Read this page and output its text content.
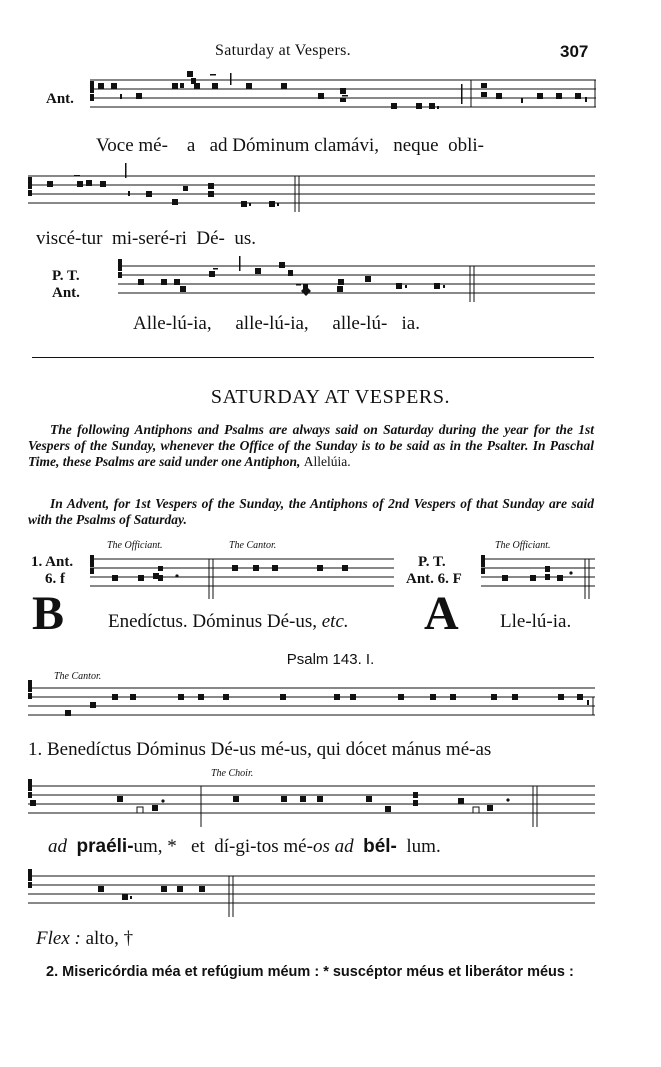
Saturday at Vespers.	307
Ant.
Voce mé-    a   ad Dóminum clamávi,   neque  obli-
viscé-tur  mi-seré-ri  Dé-  us.
P. T.
Ant.
Alle-lú-ia,     alle-lú-ia,     alle-lú-   ia.
SATURDAY AT VESPERS.
The following Antiphons and Psalms are always said on Saturday during the year for the 1st Vespers of the Sunday, whenever the Office of the Sunday is to be said as in the Psalter. In Paschal Time, these Psalms are said under one Antiphon, Allelúia.
In Advent, for 1st Vespers of the Sunday, the Antiphons of 2nd Vespers of that Sunday are said with the Psalms of Saturday.
The Officiant.	The Cantor.	The Officiant.
1. Ant.
6. f
P. T.
Ant. 6. F
B Enedíctus. Dóminus Dé-us, etc. A Lle-lú-ia.
Psalm 143. I.
The Cantor.
1. Benedíctus Dóminus Dé-us mé-us, qui dócet mánus mé-as
The Choir.
ad praéli-um, *   et  dí-gi-tos mé-os ad bél- lum.
Flex : alto, †
2. Misericórdia méa et refúgium méum : * suscéptor méus et liberátor méus :
